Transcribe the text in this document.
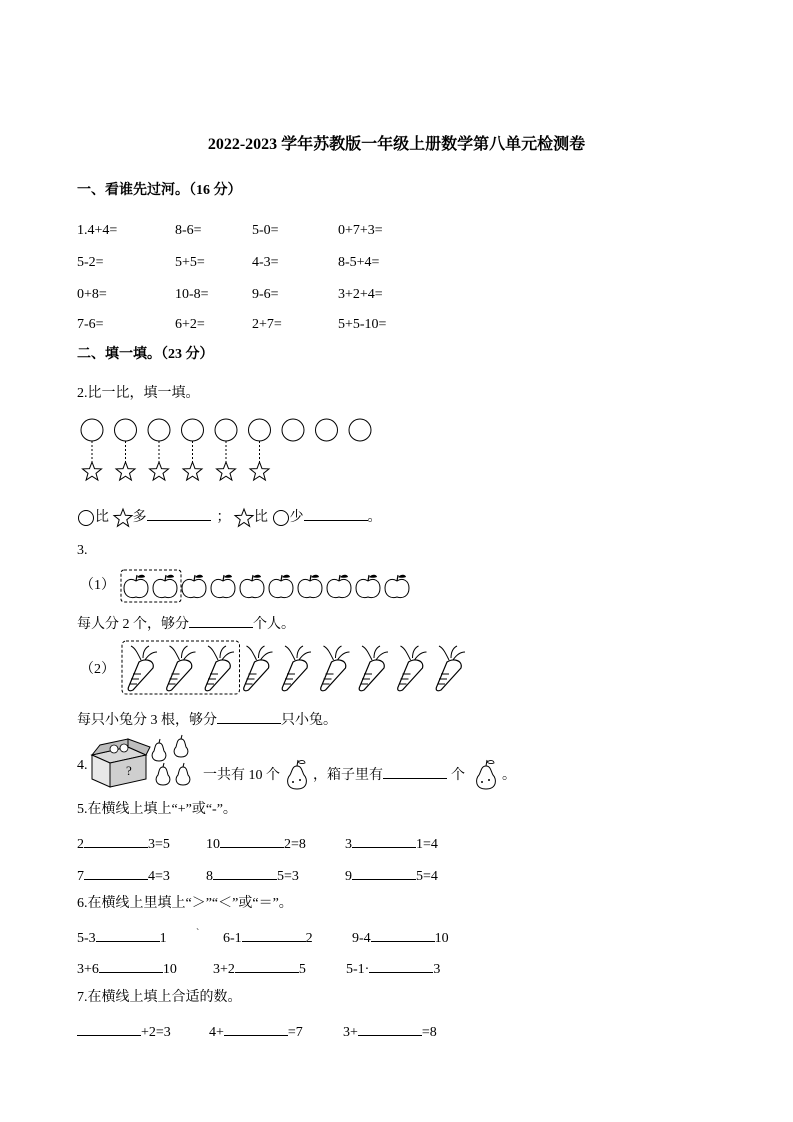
2022-2023 学年苏教版一年级上册数学第八单元检测卷
一、看谁先过河。（16 分）
1.4+4=	8-6=	5-0=	0+7+3=
5-2=	5+5=	4-3=	8-5+4=
0+8=	10-8=	9-6=	3+2+4=
7-6=	6+2=	2+7=	5+5-10=
二、填一填。（23 分）
2.比一比，填一填。
比 多	； 比 少	。
3.
（1）
每人分 2 个，够分	个人。
（2）
每只小兔分 3 根，够分	只小兔。
4.	?	一共有 10 个 ，箱子里有	个	。
5.在横线上填上“+”或“-”。
2	3=5	10	2=8	3	1=4
7	4=3	8	5=3	9	5=4
6.在横线上里填上“＞”“＜”或“＝”。
ˋ
5-3	1	6-1	2	9-4	10
3+6	10	3+2	5	5-1·	3
7.在横线上填上合适的数。
+2=3	4+	=7	3+	=8
